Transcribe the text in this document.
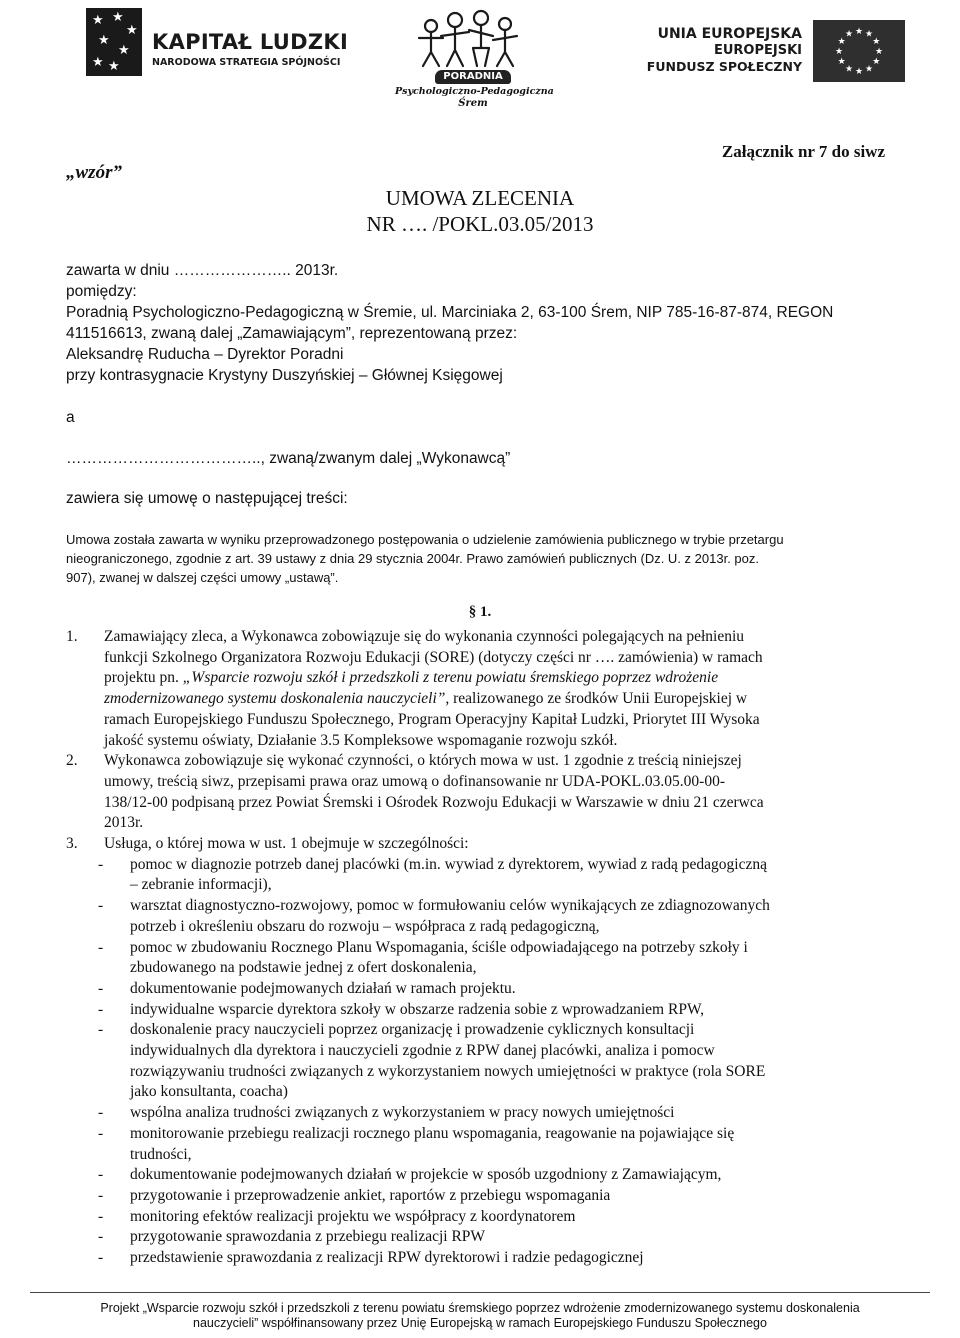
★ ★
★
★
★
★ ★
KAPITAŁ LUDZKI
NARODOWA STRATEGIA SPÓJNOŚCI
PORADNIA
Psychologiczno-Pedagogiczna
Śrem
UNIA EUROPEJSKA
EUROPEJSKI
FUNDUSZ SPOŁECZNY
★ ★
★
★
★
★
★
★
★
★
★
★
„wzór”
Załącznik nr 7 do siwz
UMOWA ZLECENIA
NR …. /POKL.03.05/2013
zawarta w dniu ………………….. 2013r.
pomiędzy:
Poradnią Psychologiczno-Pedagogiczną w Śremie, ul. Marciniaka 2, 63-100 Śrem, NIP 785-16-87-874, REGON
411516613, zwaną dalej „Zamawiającym”, reprezentowaną przez:
Aleksandrę Ruducha – Dyrektor Poradni
przy kontrasygnacie Krystyny Duszyńskiej – Głównej Księgowej
a
……………………………….., zwaną/zwanym dalej „Wykonawcą”
zawiera się umowę o następującej treści:
Umowa została zawarta w wyniku przeprowadzonego postępowania o udzielenie zamówienia publicznego w trybie przetargu
nieograniczonego, zgodnie z art. 39 ustawy z dnia 29 stycznia 2004r. Prawo zamówień publicznych (Dz. U. z 2013r. poz.
907), zwanej w dalszej części umowy „ustawą”.
§ 1.
1. Zamawiający zleca, a Wykonawca zobowiązuje się do wykonania czynności polegających na pełnieniu
funkcji Szkolnego Organizatora Rozwoju Edukacji (SORE) (dotyczy części nr …. zamówienia) w ramach
projektu pn. „Wsparcie rozwoju szkół i przedszkoli z terenu powiatu śremskiego poprzez wdrożenie
zmodernizowanego systemu doskonalenia nauczycieli”, realizowanego ze środków Unii Europejskiej w
ramach Europejskiego Funduszu Społecznego, Program Operacyjny Kapitał Ludzki, Priorytet III Wysoka
jakość systemu oświaty, Działanie 3.5 Kompleksowe wspomaganie rozwoju szkół.
2. Wykonawca zobowiązuje się wykonać czynności, o których mowa w ust. 1 zgodnie z treścią niniejszej
umowy, treścią siwz, przepisami prawa oraz umową o dofinansowanie nr UDA-POKL.03.05.00-00-
138/12-00 podpisaną przez Powiat Śremski i Ośrodek Rozwoju Edukacji w Warszawie w dniu 21 czerwca
2013r.
3. Usługa, o której mowa w ust. 1 obejmuje w szczególności:
- pomoc w diagnozie potrzeb danej placówki (m.in. wywiad z dyrektorem, wywiad z radą pedagogiczną
– zebranie informacji),
- warsztat diagnostyczno-rozwojowy, pomoc w formułowaniu celów wynikających ze zdiagnozowanych
potrzeb i określeniu obszaru do rozwoju – współpraca z radą pedagogiczną,
- pomoc w zbudowaniu Rocznego Planu Wspomagania, ściśle odpowiadającego na potrzeby szkoły i
zbudowanego na podstawie jednej z ofert doskonalenia,
- dokumentowanie podejmowanych działań w ramach projektu.
- indywidualne wsparcie dyrektora szkoły w obszarze radzenia sobie z wprowadzaniem RPW,
- doskonalenie pracy nauczycieli poprzez organizację i prowadzenie cyklicznych konsultacji
indywidualnych dla dyrektora i nauczycieli zgodnie z RPW danej placówki, analiza i pomocw
rozwiązywaniu trudności związanych z wykorzystaniem nowych umiejętności w praktyce (rola SORE
jako konsultanta, coacha)
- wspólna analiza trudności związanych z wykorzystaniem w pracy nowych umiejętności
- monitorowanie przebiegu realizacji rocznego planu wspomagania, reagowanie na pojawiające się
trudności,
- dokumentowanie podejmowanych działań w projekcie w sposób uzgodniony z Zamawiającym,
- przygotowanie i przeprowadzenie ankiet, raportów z przebiegu wspomagania
- monitoring efektów realizacji projektu we współpracy z koordynatorem
- przygotowanie sprawozdania z przebiegu realizacji RPW
- przedstawienie sprawozdania z realizacji RPW dyrektorowi i radzie pedagogicznej
Projekt „Wsparcie rozwoju szkół i przedszkoli z terenu powiatu śremskiego poprzez wdrożenie zmodernizowanego systemu doskonalenia
nauczycieli” współfinansowany przez Unię Europejską w ramach Europejskiego Funduszu Społecznego
